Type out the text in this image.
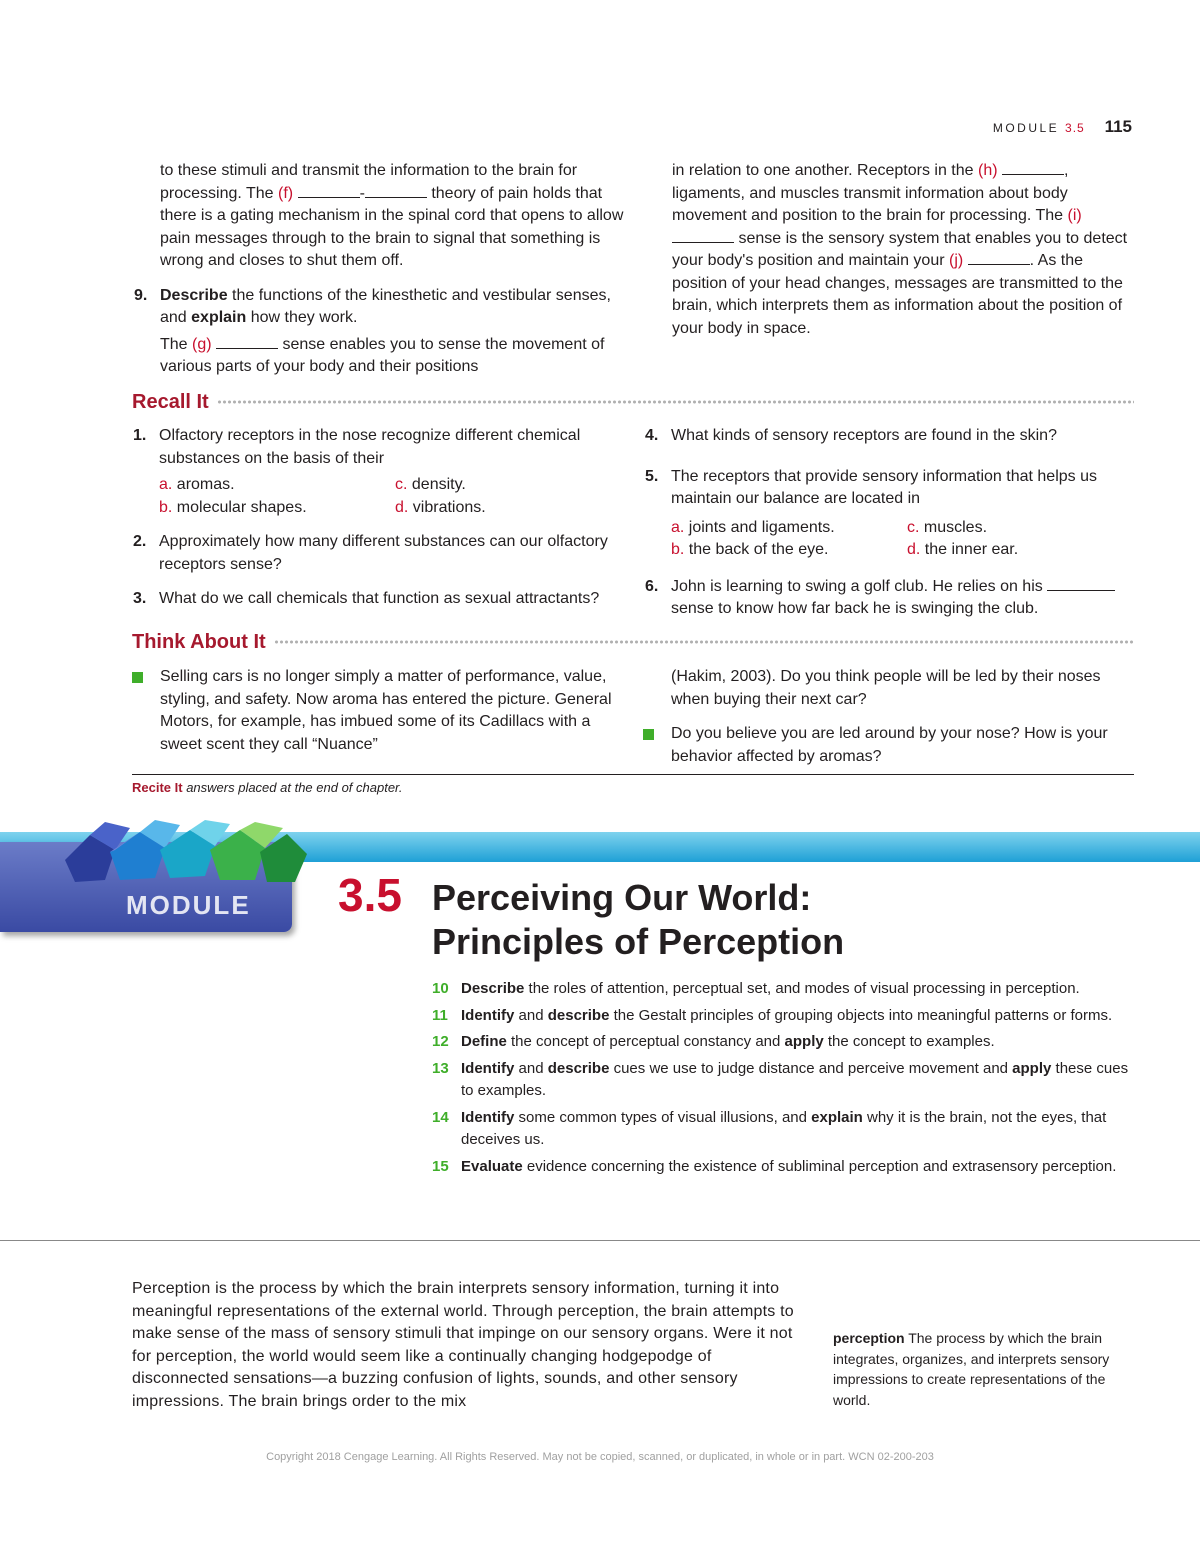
MODULE 3.5 115

to these stimuli and transmit the information to the brain for processing. The (f)	-	theory of pain holds that there is a gating mechanism in the spinal cord that opens to allow pain messages through to the brain to signal that something is wrong and closes to shut them off.

9. Describe the functions of the kinesthetic and vestibular senses, and explain how they work.

The (g)	sense enables you to sense the movement of various parts of your body and their positions

in relation to one another. Receptors in the (h)	, ligaments, and muscles transmit information about body movement and position to the brain for processing. The (i)  sense is the sensory system that enables you to detect your body's position and maintain your (j)	. As the position of your head changes, messages are transmitted to the brain, which interprets them as information about the position of your body in space.

Recall It

1. Olfactory receptors in the nose recognize different chemical substances on the basis of their

a. aromas.	c. density.
b. molecular shapes.	d. vibrations.

2. Approximately how many different substances can our olfactory receptors sense?

3. What do we call chemicals that function as sexual attractants?

4. What kinds of sensory receptors are found in the skin?

5. The receptors that provide sensory information that helps us maintain our balance are located in

a. joints and ligaments.	c. muscles.
b. the back of the eye.	d. the inner ear.

6. John is learning to swing a golf club. He relies on his  sense to know how far back he is swinging the club.

Think About It

Selling cars is no longer simply a matter of performance, value, styling, and safety. Now aroma has entered the picture. General Motors, for example, has imbued some of its Cadillacs with a sweet scent they call “Nuance”

(Hakim, 2003). Do you think people will be led by their noses when buying their next car?

Do you believe you are led around by your nose? How is your behavior affected by aromas?

Recite It answers placed at the end of chapter.
MODULE 3.5 Perceiving Our World:
Principles of Perception
10 Describe the roles of attention, perceptual set, and modes of visual processing in perception.
11 Identify and describe the Gestalt principles of grouping objects into meaningful patterns or forms.
12 Define the concept of perceptual constancy and apply the concept to examples.
13 Identify and describe cues we use to judge distance and perceive movement and apply these cues to examples.
14 Identify some common types of visual illusions, and explain why it is the brain, not the eyes, that deceives us.
15 Evaluate evidence concerning the existence of subliminal perception and extrasensory perception.
Perception is the process by which the brain interprets sensory information, turning it into meaningful representations of the external world. Through perception, the brain attempts to make sense of the mass of sensory stimuli that impinge on our sensory organs. Were it not for perception, the world would seem like a continually changing hodgepodge of disconnected sensations—a buzzing confusion of lights, sounds, and other sensory impressions. The brain brings order to the mix
perception The process by which the brain integrates, organizes, and interprets sensory impressions to create representations of the world.
Copyright 2018 Cengage Learning. All Rights Reserved. May not be copied, scanned, or duplicated, in whole or in part. WCN 02-200-203
